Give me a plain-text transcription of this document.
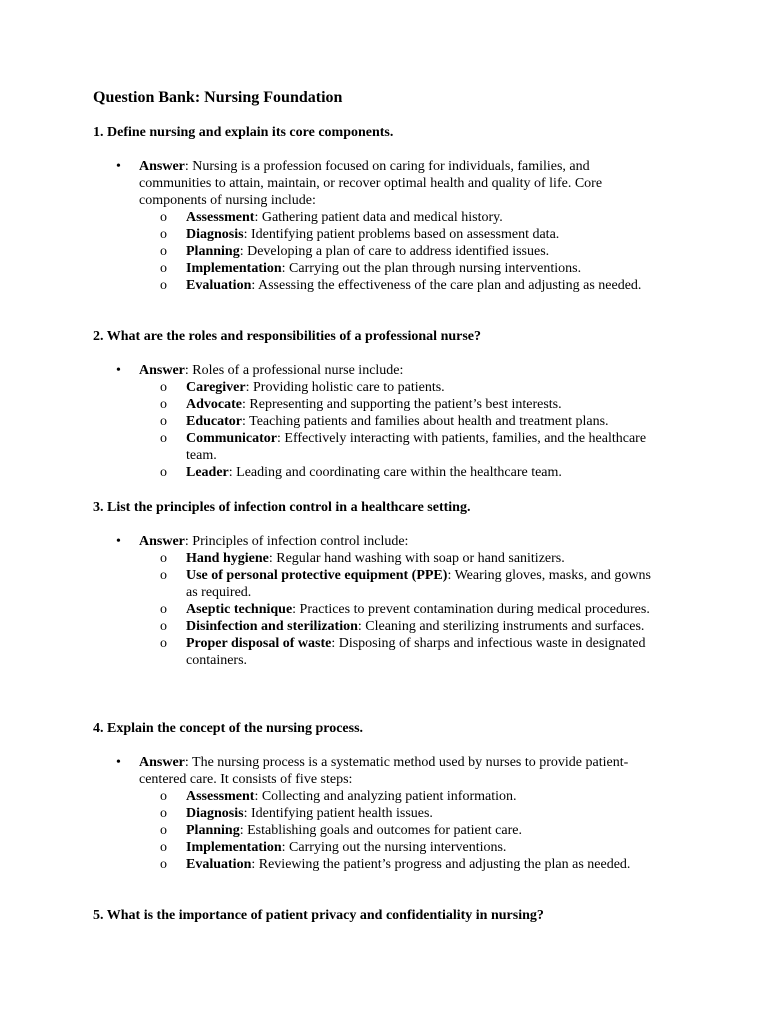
Question Bank: Nursing Foundation

1. Define nursing and explain its core components.

•	Answer: Nursing is a profession focused on caring for individuals, families, and communities to attain, maintain, or recover optimal health and quality of life. Core components of nursing include:
o Assessment: Gathering patient data and medical history.
o Diagnosis: Identifying patient problems based on assessment data.
o Planning: Developing a plan of care to address identified issues.
o Implementation: Carrying out the plan through nursing interventions.
o Evaluation: Assessing the effectiveness of the care plan and adjusting as needed.

2. What are the roles and responsibilities of a professional nurse?

•	Answer: Roles of a professional nurse include:
o Caregiver: Providing holistic care to patients.
o Advocate: Representing and supporting the patient’s best interests.
o Educator: Teaching patients and families about health and treatment plans.
o Communicator: Effectively interacting with patients, families, and the healthcare team.
o Leader: Leading and coordinating care within the healthcare team.

3. List the principles of infection control in a healthcare setting.

•	Answer: Principles of infection control include:
o Hand hygiene: Regular hand washing with soap or hand sanitizers.
o Use of personal protective equipment (PPE): Wearing gloves, masks, and gowns as required.
o Aseptic technique: Practices to prevent contamination during medical procedures.
o Disinfection and sterilization: Cleaning and sterilizing instruments and surfaces.
o Proper disposal of waste: Disposing of sharps and infectious waste in designated containers.

4. Explain the concept of the nursing process.

•	Answer: The nursing process is a systematic method used by nurses to provide patient-centered care. It consists of five steps:
o Assessment: Collecting and analyzing patient information.
o Diagnosis: Identifying patient health issues.
o Planning: Establishing goals and outcomes for patient care.
o Implementation: Carrying out the nursing interventions.
o Evaluation: Reviewing the patient’s progress and adjusting the plan as needed.

5. What is the importance of patient privacy and confidentiality in nursing?
